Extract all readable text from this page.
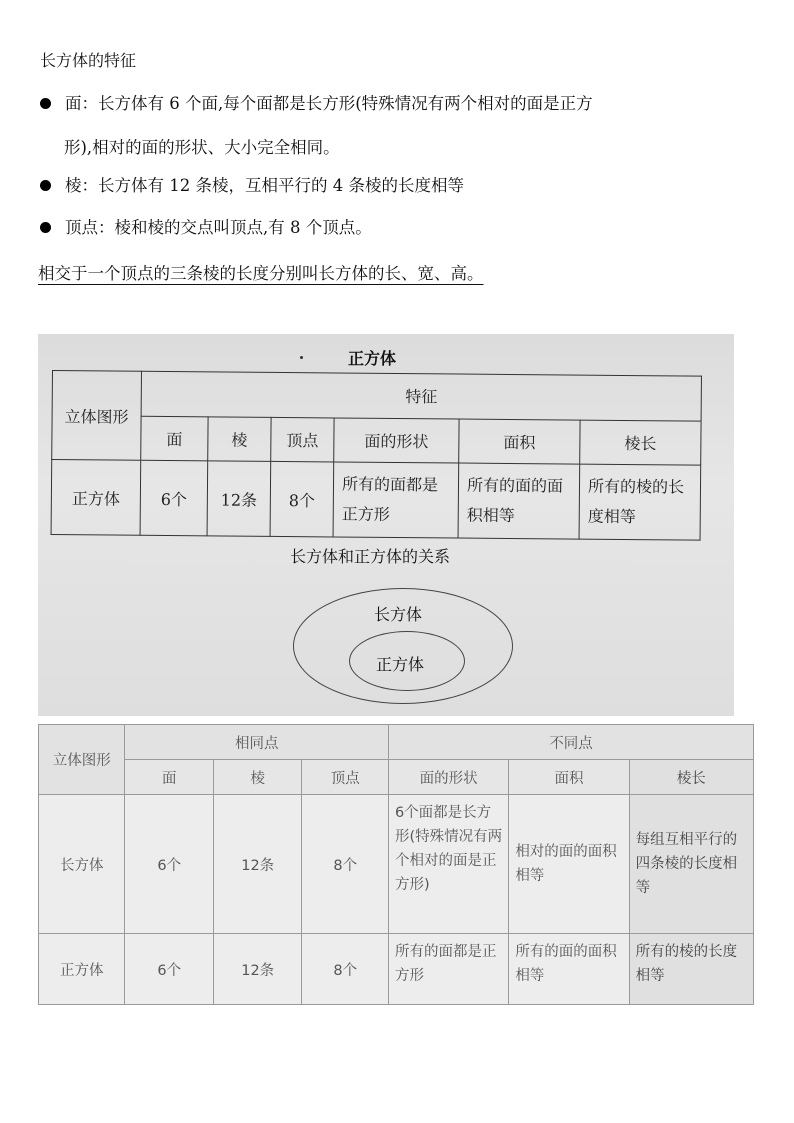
长方体的特征
面：长方体有 6 个面,每个面都是长方形(特殊情况有两个相对的面是正方
形),相对的面的形状、大小完全相同。
棱：长方体有 12 条棱，互相平行的 4 条棱的长度相等
顶点：棱和棱的交点叫顶点,有 8 个顶点。
相交于一个顶点的三条棱的长度分别叫长方体的长、宽、高。
正方体
立体图形	特征					
	面	棱	顶点	面的形状	面积	棱长
正方体	6个	12条	8个	所有的面都是正方形	所有的面的面积相等	所有的棱的长度相等
长方体和正方体的关系
长方体
正方体
立体图形	相同点			不同点		
	面	棱	顶点	面的形状	面积	棱长
长方体	6个	12条	8个	6个面都是长方形(特殊情况有两个相对的面是正方形)	相对的面的面积相等	每组互相平行的四条棱的长度相等
正方体	6个	12条	8个	所有的面都是正方形	所有的面的面积相等	所有的棱的长度相等
